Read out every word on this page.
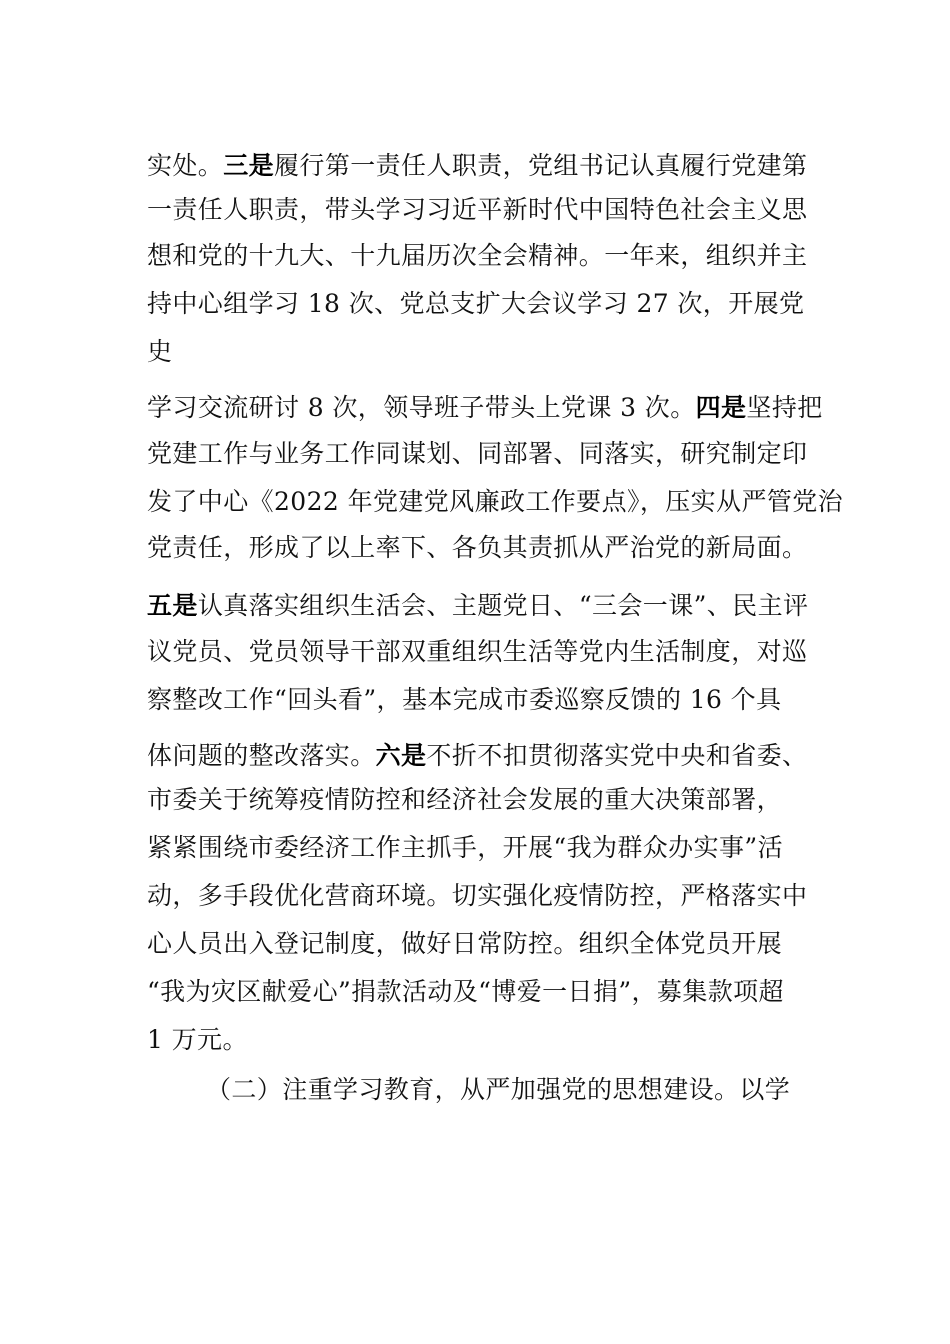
实处。三是履行第一责任人职责，党组书记认真履行党建第
一责任人职责，带头学习习近平新时代中国特色社会主义思
想和党的十九大、十九届历次全会精神。一年来，组织并主
持中心组学习 18 次、党总支扩大会议学习 27 次，开展党
史
学习交流研讨 8 次，领导班子带头上党课 3 次。四是坚持把
党建工作与业务工作同谋划、同部署、同落实，研究制定印
发了中心《2022 年党建党风廉政工作要点》，压实从严管党治
党责任，形成了以上率下、各负其责抓从严治党的新局面。
五是认真落实组织生活会、主题党日、“三会一课”、民主评
议党员、党员领导干部双重组织生活等党内生活制度，对巡
察整改工作“回头看”，基本完成市委巡察反馈的 16 个具
体问题的整改落实。六是不折不扣贯彻落实党中央和省委、
市委关于统筹疫情防控和经济社会发展的重大决策部署，
紧紧围绕市委经济工作主抓手，开展“我为群众办实事”活
动，多手段优化营商环境。切实强化疫情防控，严格落实中
心人员出入登记制度，做好日常防控。组织全体党员开展
“我为灾区献爱心”捐款活动及“博爱一日捐”，募集款项超
1 万元。
（二）注重学习教育，从严加强党的思想建设。以学
